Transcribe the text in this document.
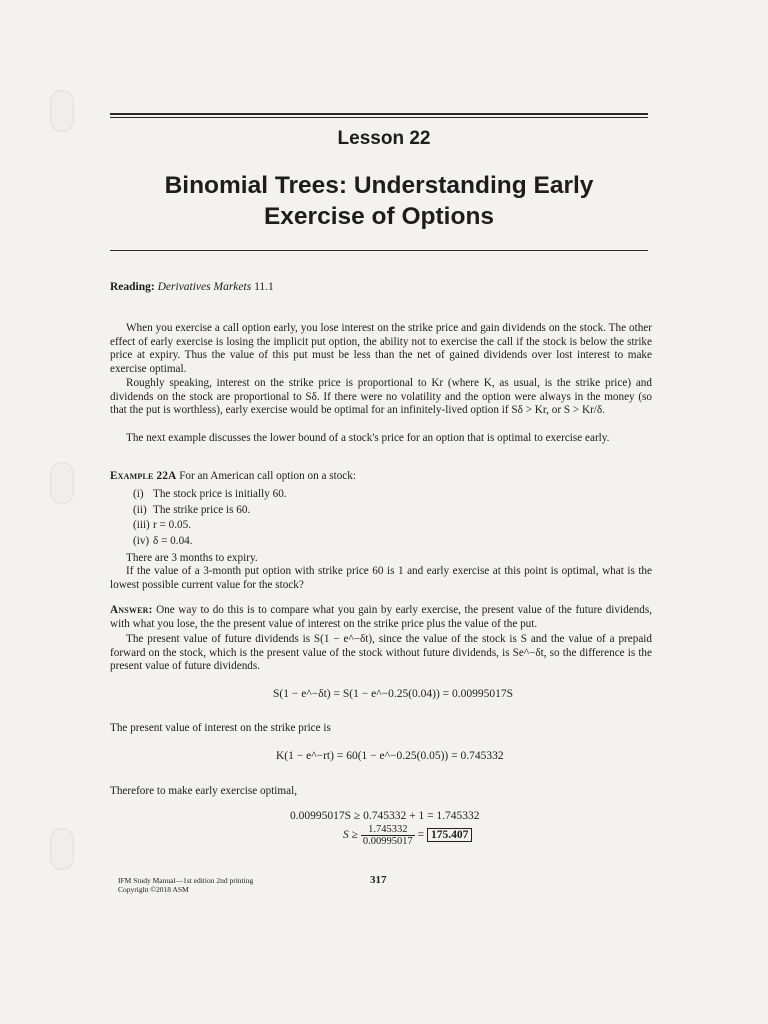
Lesson 22
Binomial Trees: Understanding Early
Exercise of Options
Reading: Derivatives Markets 11.1
When you exercise a call option early, you lose interest on the strike price and gain dividends on the stock. The other effect of early exercise is losing the implicit put option, the ability not to exercise the call if the stock is below the strike price at expiry. Thus the value of this put must be less than the net of gained dividends over lost interest to make exercise optimal.
Roughly speaking, interest on the strike price is proportional to Kr (where K, as usual, is the strike price) and dividends on the stock are proportional to Sδ. If there were no volatility and the option were always in the money (so that the put is worthless), early exercise would be optimal for an infinitely-lived option if Sδ > Kr, or S > Kr/δ.
The next example discusses the lower bound of a stock's price for an option that is optimal to exercise early.
Example 22A For an American call option on a stock:
(i) The stock price is initially 60.
(ii) The strike price is 60.
(iii) r = 0.05.
(iv) δ = 0.04.
There are 3 months to expiry.
If the value of a 3-month put option with strike price 60 is 1 and early exercise at this point is optimal, what is the lowest possible current value for the stock?
Answer: One way to do this is to compare what you gain by early exercise, the present value of the future dividends, with what you lose, the the present value of interest on the strike price plus the value of the put.
The present value of future dividends is S(1 − e^−δt), since the value of the stock is S and the value of a prepaid forward on the stock, which is the present value of the stock without future dividends, is Se^−δt, so the difference is the present value of future dividends.
S(1 − e^−δt) = S(1 − e^−0.25(0.04)) = 0.00995017S
The present value of interest on the strike price is
K(1 − e^−rt) = 60(1 − e^−0.25(0.05)) = 0.745332
Therefore to make early exercise optimal,
0.00995017S ≥ 0.745332 + 1 = 1.745332
$S \ge \frac{1.745332}{0.00995017} = 175.407$
IFM Study Manual—1st edition 2nd printing
Copyright ©2018 ASM
317
